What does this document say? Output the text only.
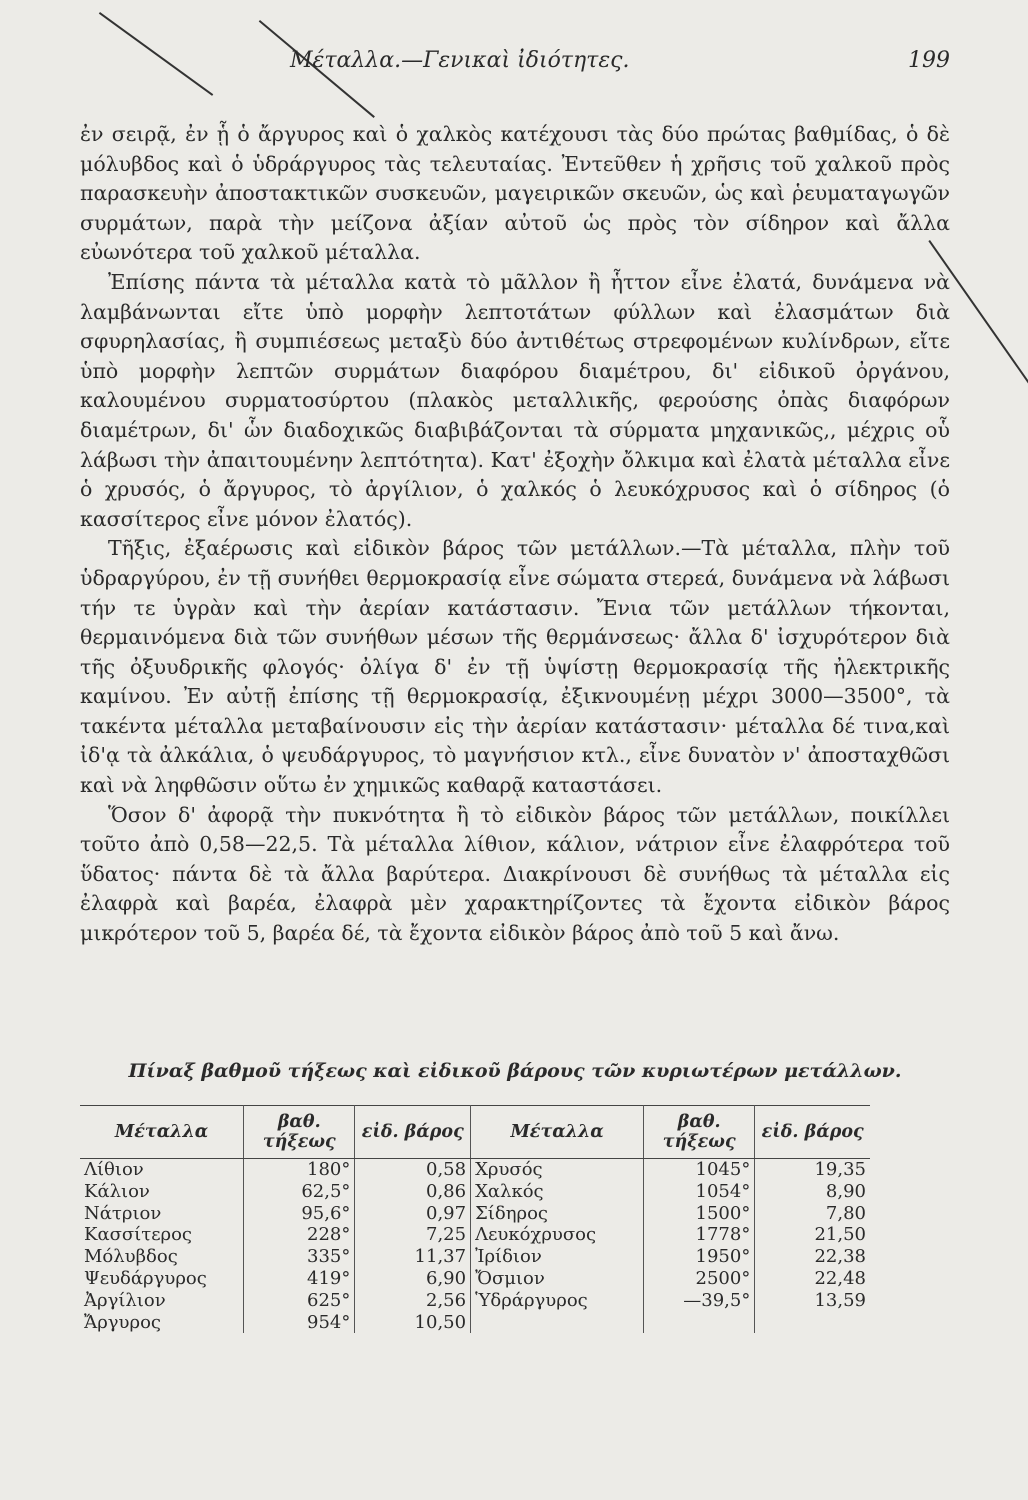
Μέταλλα.—Γενικαὶ ἰδιότητες.	199

ἐν σειρᾷ, ἐν ᾗ ὁ ἄργυρος καὶ ὁ χαλκὸς κατέχουσι τὰς δύο πρώτας βαθμίδας, ὁ δὲ μόλυβδος καὶ ὁ ὑδράργυρος τὰς τελευταίας. Ἐντεῦθεν ἡ χρῆσις τοῦ χαλκοῦ πρὸς παρασκευὴν ἀποστακτικῶν συσκευῶν, μαγειρικῶν σκευῶν, ὡς καὶ ῥευματαγωγῶν συρμάτων, παρὰ τὴν μείζονα ἀξίαν αὐτοῦ ὡς πρὸς τὸν σίδηρον καὶ ἄλλα εὐωνότερα τοῦ χαλκοῦ μέταλλα.

Ἐπίσης πάντα τὰ μέταλλα κατὰ τὸ μᾶλλον ἢ ἧττον εἶνε ἐλατά, δυνάμενα νὰ λαμβάνωνται εἴτε ὑπὸ μορφὴν λεπτοτάτων φύλλων καὶ ἐλασμάτων διὰ σφυρηλασίας, ἢ συμπιέσεως μεταξὺ δύο ἀντιθέτως στρεφομένων κυλίνδρων, εἴτε ὑπὸ μορφὴν λεπτῶν συρμάτων διαφόρου διαμέτρου, δι' εἰδικοῦ ὀργάνου, καλουμένου συρματοσύρτου (πλακὸς μεταλλικῆς, φερούσης ὀπὰς διαφόρων διαμέτρων, δι' ὧν διαδοχικῶς διαβιβάζονται τὰ σύρματα μηχανικῶς,, μέχρις οὗ λάβωσι τὴν ἀπαιτουμένην λεπτότητα). Κατ' ἐξοχὴν ὄλκιμα καὶ ἐλατὰ μέταλλα εἶνε ὁ χρυσός, ὁ ἄργυρος, τὸ ἀργίλιον, ὁ χαλκός ὁ λευκόχρυσος καὶ ὁ σίδηρος (ὁ κασσίτερος εἶνε μόνον ἐλατός).

Τῆξις, ἐξαέρωσις καὶ εἰδικὸν βάρος τῶν μετάλλων.—Τὰ μέταλλα, πλὴν τοῦ ὑδραργύρου, ἐν τῇ συνήθει θερμοκρασίᾳ εἶνε σώματα στερεά, δυνάμενα νὰ λάβωσι τήν τε ὑγρὰν καὶ τὴν ἀερίαν κατάστασιν. Ἔνια τῶν μετάλλων τήκονται, θερμαινόμενα διὰ τῶν συνήθων μέσων τῆς θερμάνσεως· ἄλλα δ' ἰσχυρότερον διὰ τῆς ὀξυυδρικῆς φλογός· ὀλίγα δ' ἐν τῇ ὑψίστῃ θερμοκρασίᾳ τῆς ἠλεκτρικῆς καμίνου. Ἐν αὐτῇ ἐπίσης τῇ θερμοκρασίᾳ, ἐξικνουμένῃ μέχρι 3000—3500°, τὰ τακέντα μέταλλα μεταβαίνουσιν εἰς τὴν ἀερίαν κατάστασιν· μέταλλα δέ τινα,καὶ ἰδ'ᾳ τὰ ἀλκάλια, ὁ ψευδάργυρος, τὸ μαγνήσιον κτλ., εἶνε δυνατὸν ν' ἀποσταχθῶσι καὶ νὰ ληφθῶσιν οὕτω ἐν χημικῶς καθαρᾷ καταστάσει.

Ὅσον δ' ἀφορᾷ τὴν πυκνότητα ἢ τὸ εἰδικὸν βάρος τῶν μετάλλων, ποικίλλει τοῦτο ἀπὸ 0,58—22,5. Τὰ μέταλλα λίθιον, κάλιον, νάτριον εἶνε ἐλαφρότερα τοῦ ὕδατος· πάντα δὲ τὰ ἄλλα βαρύτερα. Διακρίνουσι δὲ συνήθως τὰ μέταλλα εἰς ἐλαφρὰ καὶ βαρέα, ἐλαφρὰ μὲν χαρακτηρίζοντες τὰ ἔχοντα εἰδικὸν βάρος μικρότερον τοῦ 5, βαρέα δέ, τὰ ἔχοντα εἰδικὸν βάρος ἀπὸ τοῦ 5 καὶ ἄνω.

Πίναξ βαθμοῦ τήξεως καὶ εἰδικοῦ βάρους τῶν κυριωτέρων μετάλλων.
Μέταλλα	βαθ. τήξεως	εἰδ. βάρος	Μέταλλα	βαθ. τήξεως	εἰδ. βάρος
Λίθιον	180°	0,58	Χρυσός	1045°	19,35
Κάλιον	62,5°	0,86	Χαλκός	1054°	8,90
Νάτριον	95,6°	0,97	Σίδηρος	1500°	7,80
Κασσίτερος	228°	7,25	Λευκόχρυσος	1778°	21,50
Μόλυβδος	335°	11,37	Ἰρίδιον	1950°	22,38
Ψευδάργυρος	419°	6,90	Ὄσμιον	2500°	22,48
Ἀργίλιον	625°	2,56	Ὑδράργυρος	—39,5°	13,59
Ἄργυρος	954°	10,50			
